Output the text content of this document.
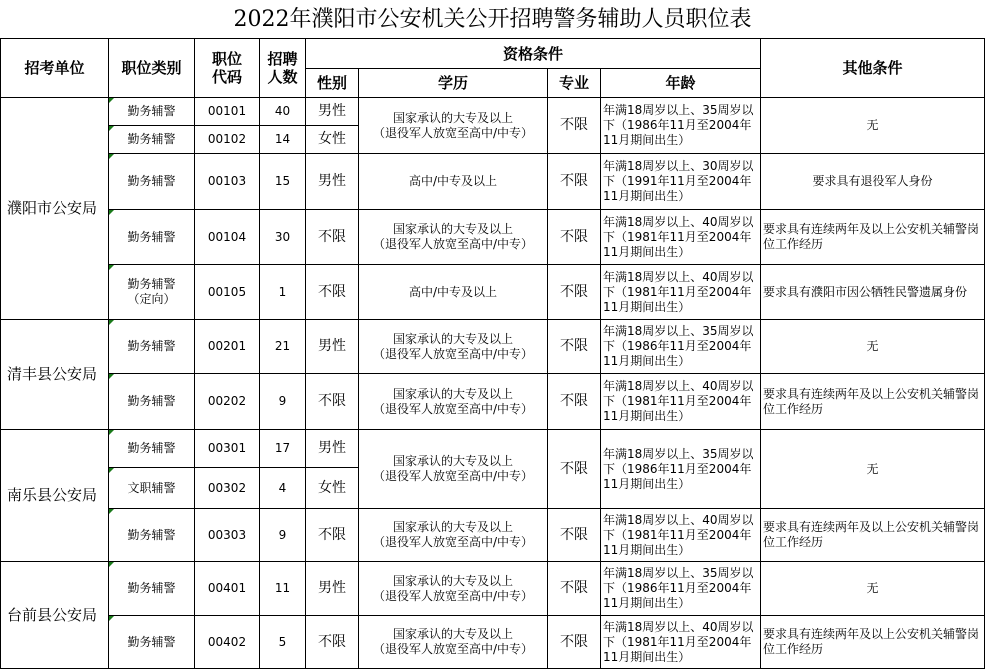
2022年濮阳市公安机关公开招聘警务辅助人员职位表
招考单位	职位类别	职位代码	招聘人数	资格条件				其他条件
				性别	学历	专业	年龄	
濮阳市公安局	勤务辅警	00101	40	男性	国家承认的大专及以上
（退役军人放宽至高中/中专）	不限	年满18周岁以上、35周岁以下（1986年11月至2004年11月期间出生）	无
	勤务辅警	00102	14	女性				
	勤务辅警	00103	15	男性	高中/中专及以上	不限	年满18周岁以上、30周岁以下（1991年11月至2004年11月期间出生）	要求具有退役军人身份
	勤务辅警	00104	30	不限	国家承认的大专及以上
（退役军人放宽至高中/中专）	不限	年满18周岁以上、40周岁以下（1981年11月至2004年11月期间出生）	要求具有连续两年及以上公安机关辅警岗位工作经历
	勤务辅警
（定向）	00105	1	不限	高中/中专及以上	不限	年满18周岁以上、40周岁以下（1981年11月至2004年11月期间出生）	要求具有濮阳市因公牺牲民警遗属身份
清丰县公安局	勤务辅警	00201	21	男性	国家承认的大专及以上
（退役军人放宽至高中/中专）	不限	年满18周岁以上、35周岁以下（1986年11月至2004年11月期间出生）	无
	勤务辅警	00202	9	不限	国家承认的大专及以上
（退役军人放宽至高中/中专）	不限	年满18周岁以上、40周岁以下（1981年11月至2004年11月期间出生）	要求具有连续两年及以上公安机关辅警岗位工作经历
南乐县公安局	勤务辅警	00301	17	男性	国家承认的大专及以上
（退役军人放宽至高中/中专）	不限	年满18周岁以上、35周岁以下（1986年11月至2004年11月期间出生）	无
	文职辅警	00302	4	女性				
	勤务辅警	00303	9	不限	国家承认的大专及以上
（退役军人放宽至高中/中专）	不限	年满18周岁以上、40周岁以下（1981年11月至2004年11月期间出生）	要求具有连续两年及以上公安机关辅警岗位工作经历
台前县公安局	勤务辅警	00401	11	男性	国家承认的大专及以上
（退役军人放宽至高中/中专）	不限	年满18周岁以上、35周岁以下（1986年11月至2004年11月期间出生）	无
	勤务辅警	00402	5	不限	国家承认的大专及以上
（退役军人放宽至高中/中专）	不限	年满18周岁以上、40周岁以下（1981年11月至2004年11月期间出生）	要求具有连续两年及以上公安机关辅警岗位工作经历
